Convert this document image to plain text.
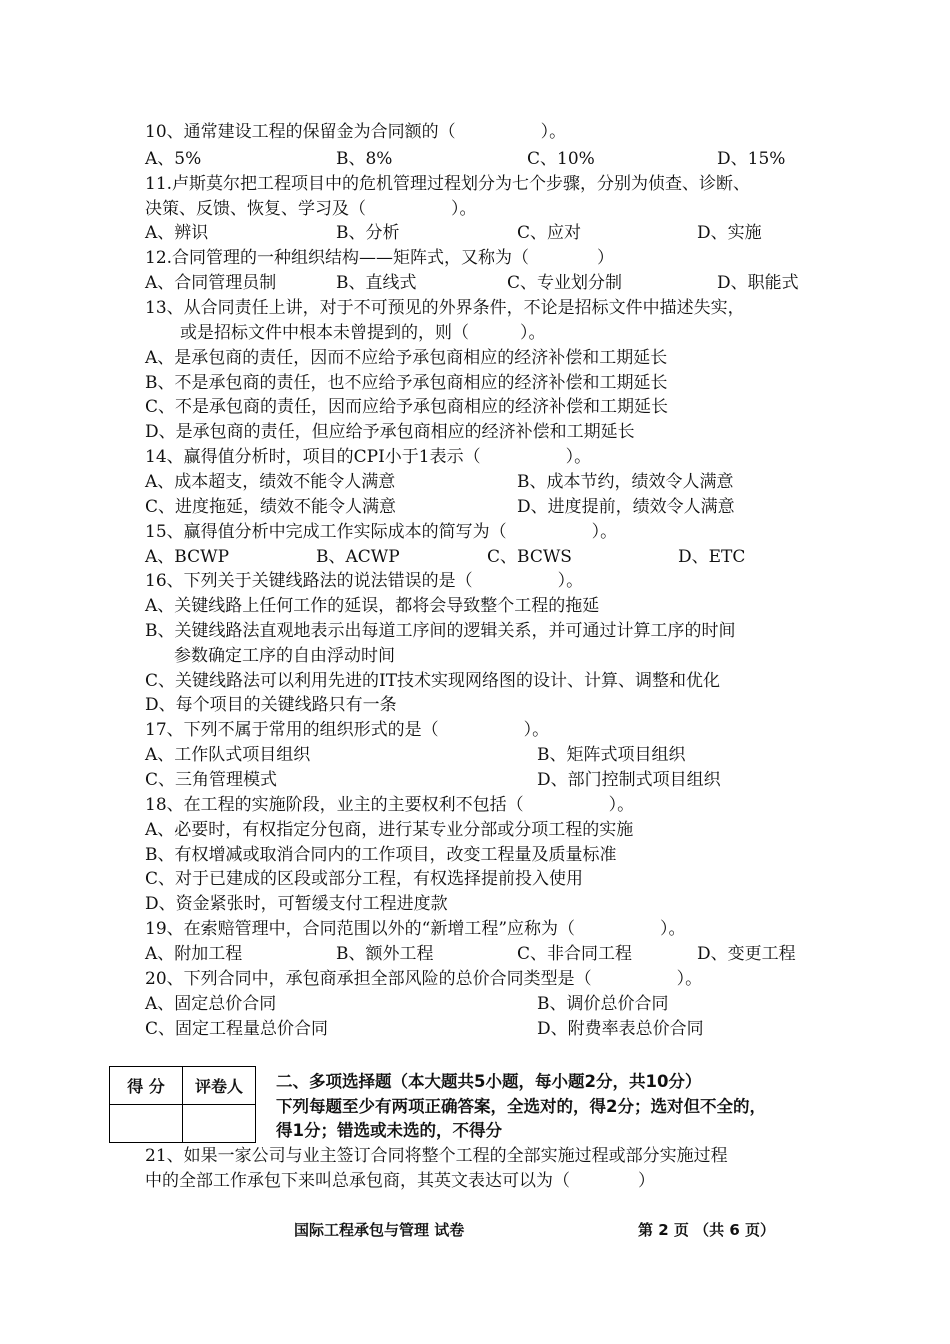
10、通常建设工程的保留金为合同额的（　　　　　）。
A、5%	B、8%	C、10%	D、15%
11.卢斯莫尔把工程项目中的危机管理过程划分为七个步骤，分别为侦查、诊断、
决策、反馈、恢复、学习及（　　　　　）。
A、辨识	B、分析	C、应对	D、实施
12.合同管理的一种组织结构——矩阵式，又称为（　　　　）
A、合同管理员制	B、直线式	C、专业划分制	D、职能式
13、从合同责任上讲，对于不可预见的外界条件，不论是招标文件中描述失实，
或是招标文件中根本未曾提到的，则（　　　）。
A、是承包商的责任，因而不应给予承包商相应的经济补偿和工期延长
B、不是承包商的责任，也不应给予承包商相应的经济补偿和工期延长
C、不是承包商的责任，因而应给予承包商相应的经济补偿和工期延长
D、是承包商的责任，但应给予承包商相应的经济补偿和工期延长
14、赢得值分析时，项目的CPI小于1表示（　　　　　）。
A、成本超支，绩效不能令人满意	B、成本节约，绩效令人满意
C、进度拖延，绩效不能令人满意	D、进度提前，绩效令人满意
15、赢得值分析中完成工作实际成本的简写为（　　　　　）。
A、BCWP	B、ACWP	C、BCWS	D、ETC
16、下列关于关键线路法的说法错误的是（　　　　　）。
A、关键线路上任何工作的延误，都将会导致整个工程的拖延
B、关键线路法直观地表示出每道工序间的逻辑关系，并可通过计算工序的时间
参数确定工序的自由浮动时间
C、关键线路法可以利用先进的IT技术实现网络图的设计、计算、调整和优化
D、每个项目的关键线路只有一条
17、下列不属于常用的组织形式的是（　　　　　）。
A、工作队式项目组织	B、矩阵式项目组织
C、三角管理模式	D、部门控制式项目组织
18、在工程的实施阶段，业主的主要权利不包括（　　　　　）。
A、必要时，有权指定分包商，进行某专业分部或分项工程的实施
B、有权增减或取消合同内的工作项目，改变工程量及质量标准
C、对于已建成的区段或部分工程，有权选择提前投入使用
D、资金紧张时，可暂缓支付工程进度款
19、在索赔管理中，合同范围以外的“新增工程”应称为（　　　　　）。
A、附加工程	B、额外工程	C、非合同工程	D、变更工程
20、下列合同中，承包商承担全部风险的总价合同类型是（　　　　　）。
A、固定总价合同	B、调价总价合同
C、固定工程量总价合同	D、附费率表总价合同
得 分	评卷人
	二、多项选择题（本大题共5小题，每小题2分，共10分）
下列每题至少有两项正确答案，全选对的，得2分；选对但不全的，
得1分；错选或未选的，不得分
21、如果一家公司与业主签订合同将整个工程的全部实施过程或部分实施过程
中的全部工作承包下来叫总承包商，其英文表达可以为（　　　　）
国际工程承包与管理 试卷	第 2 页 （共 6 页）
